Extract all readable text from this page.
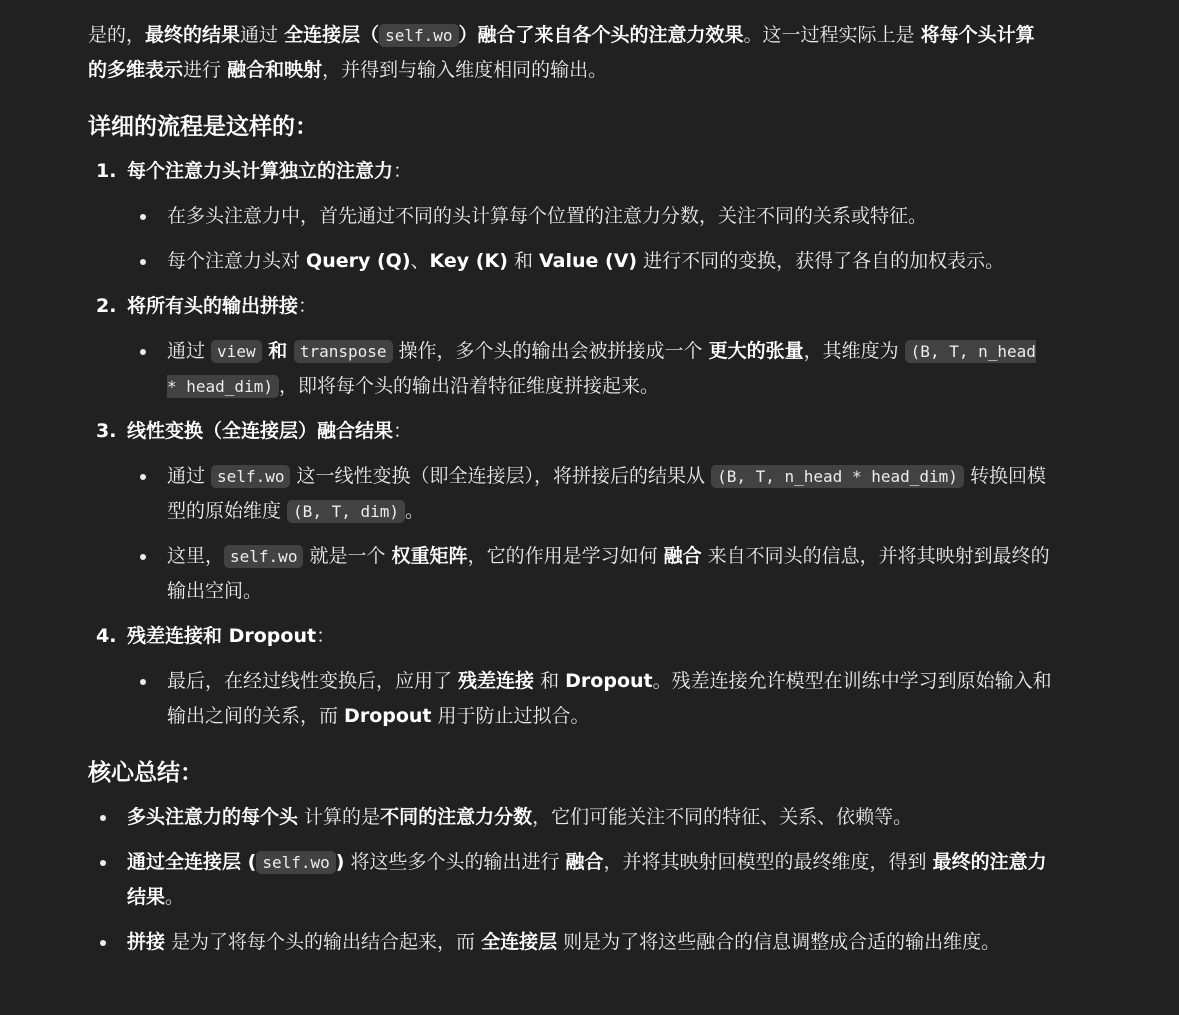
是的，最终的结果通过 全连接层（ self.wo ）融合了来自各个头的注意力效果。这一过程实际上是 将每个头计算的多维表示进行 融合和映射，并得到与输入维度相同的输出。

详细的流程是这样的：
1. 每个注意力头计算独立的注意力：
在多头注意力中，首先通过不同的头计算每个位置的注意力分数，关注不同的关系或特征。
每个注意力头对 Query (Q)、Key (K) 和 Value (V) 进行不同的变换，获得了各自的加权表示。
2. 将所有头的输出拼接：
通过 view 和 transpose 操作，多个头的输出会被拼接成一个 更大的张量，其维度为 (B, T, n_head * head_dim) ，即将每个头的输出沿着特征维度拼接起来。
3. 线性变换（全连接层）融合结果：
通过 self.wo 这一线性变换（即全连接层），将拼接后的结果从 (B, T, n_head * head_dim) 转换回模型的原始维度 (B, T, dim) 。
这里， self.wo 就是一个 权重矩阵，它的作用是学习如何 融合 来自不同头的信息，并将其映射到最终的输出空间。
4. 残差连接和 Dropout：
最后，在经过线性变换后，应用了 残差连接 和 Dropout。残差连接允许模型在训练中学习到原始输入和输出之间的关系，而 Dropout 用于防止过拟合。
核心总结：
多头注意力的每个头 计算的是不同的注意力分数，它们可能关注不同的特征、关系、依赖等。
通过全连接层 ( self.wo ) 将这些多个头的输出进行 融合，并将其映射回模型的最终维度，得到 最终的注意力结果。
拼接 是为了将每个头的输出结合起来，而 全连接层 则是为了将这些融合的信息调整成合适的输出维度。
